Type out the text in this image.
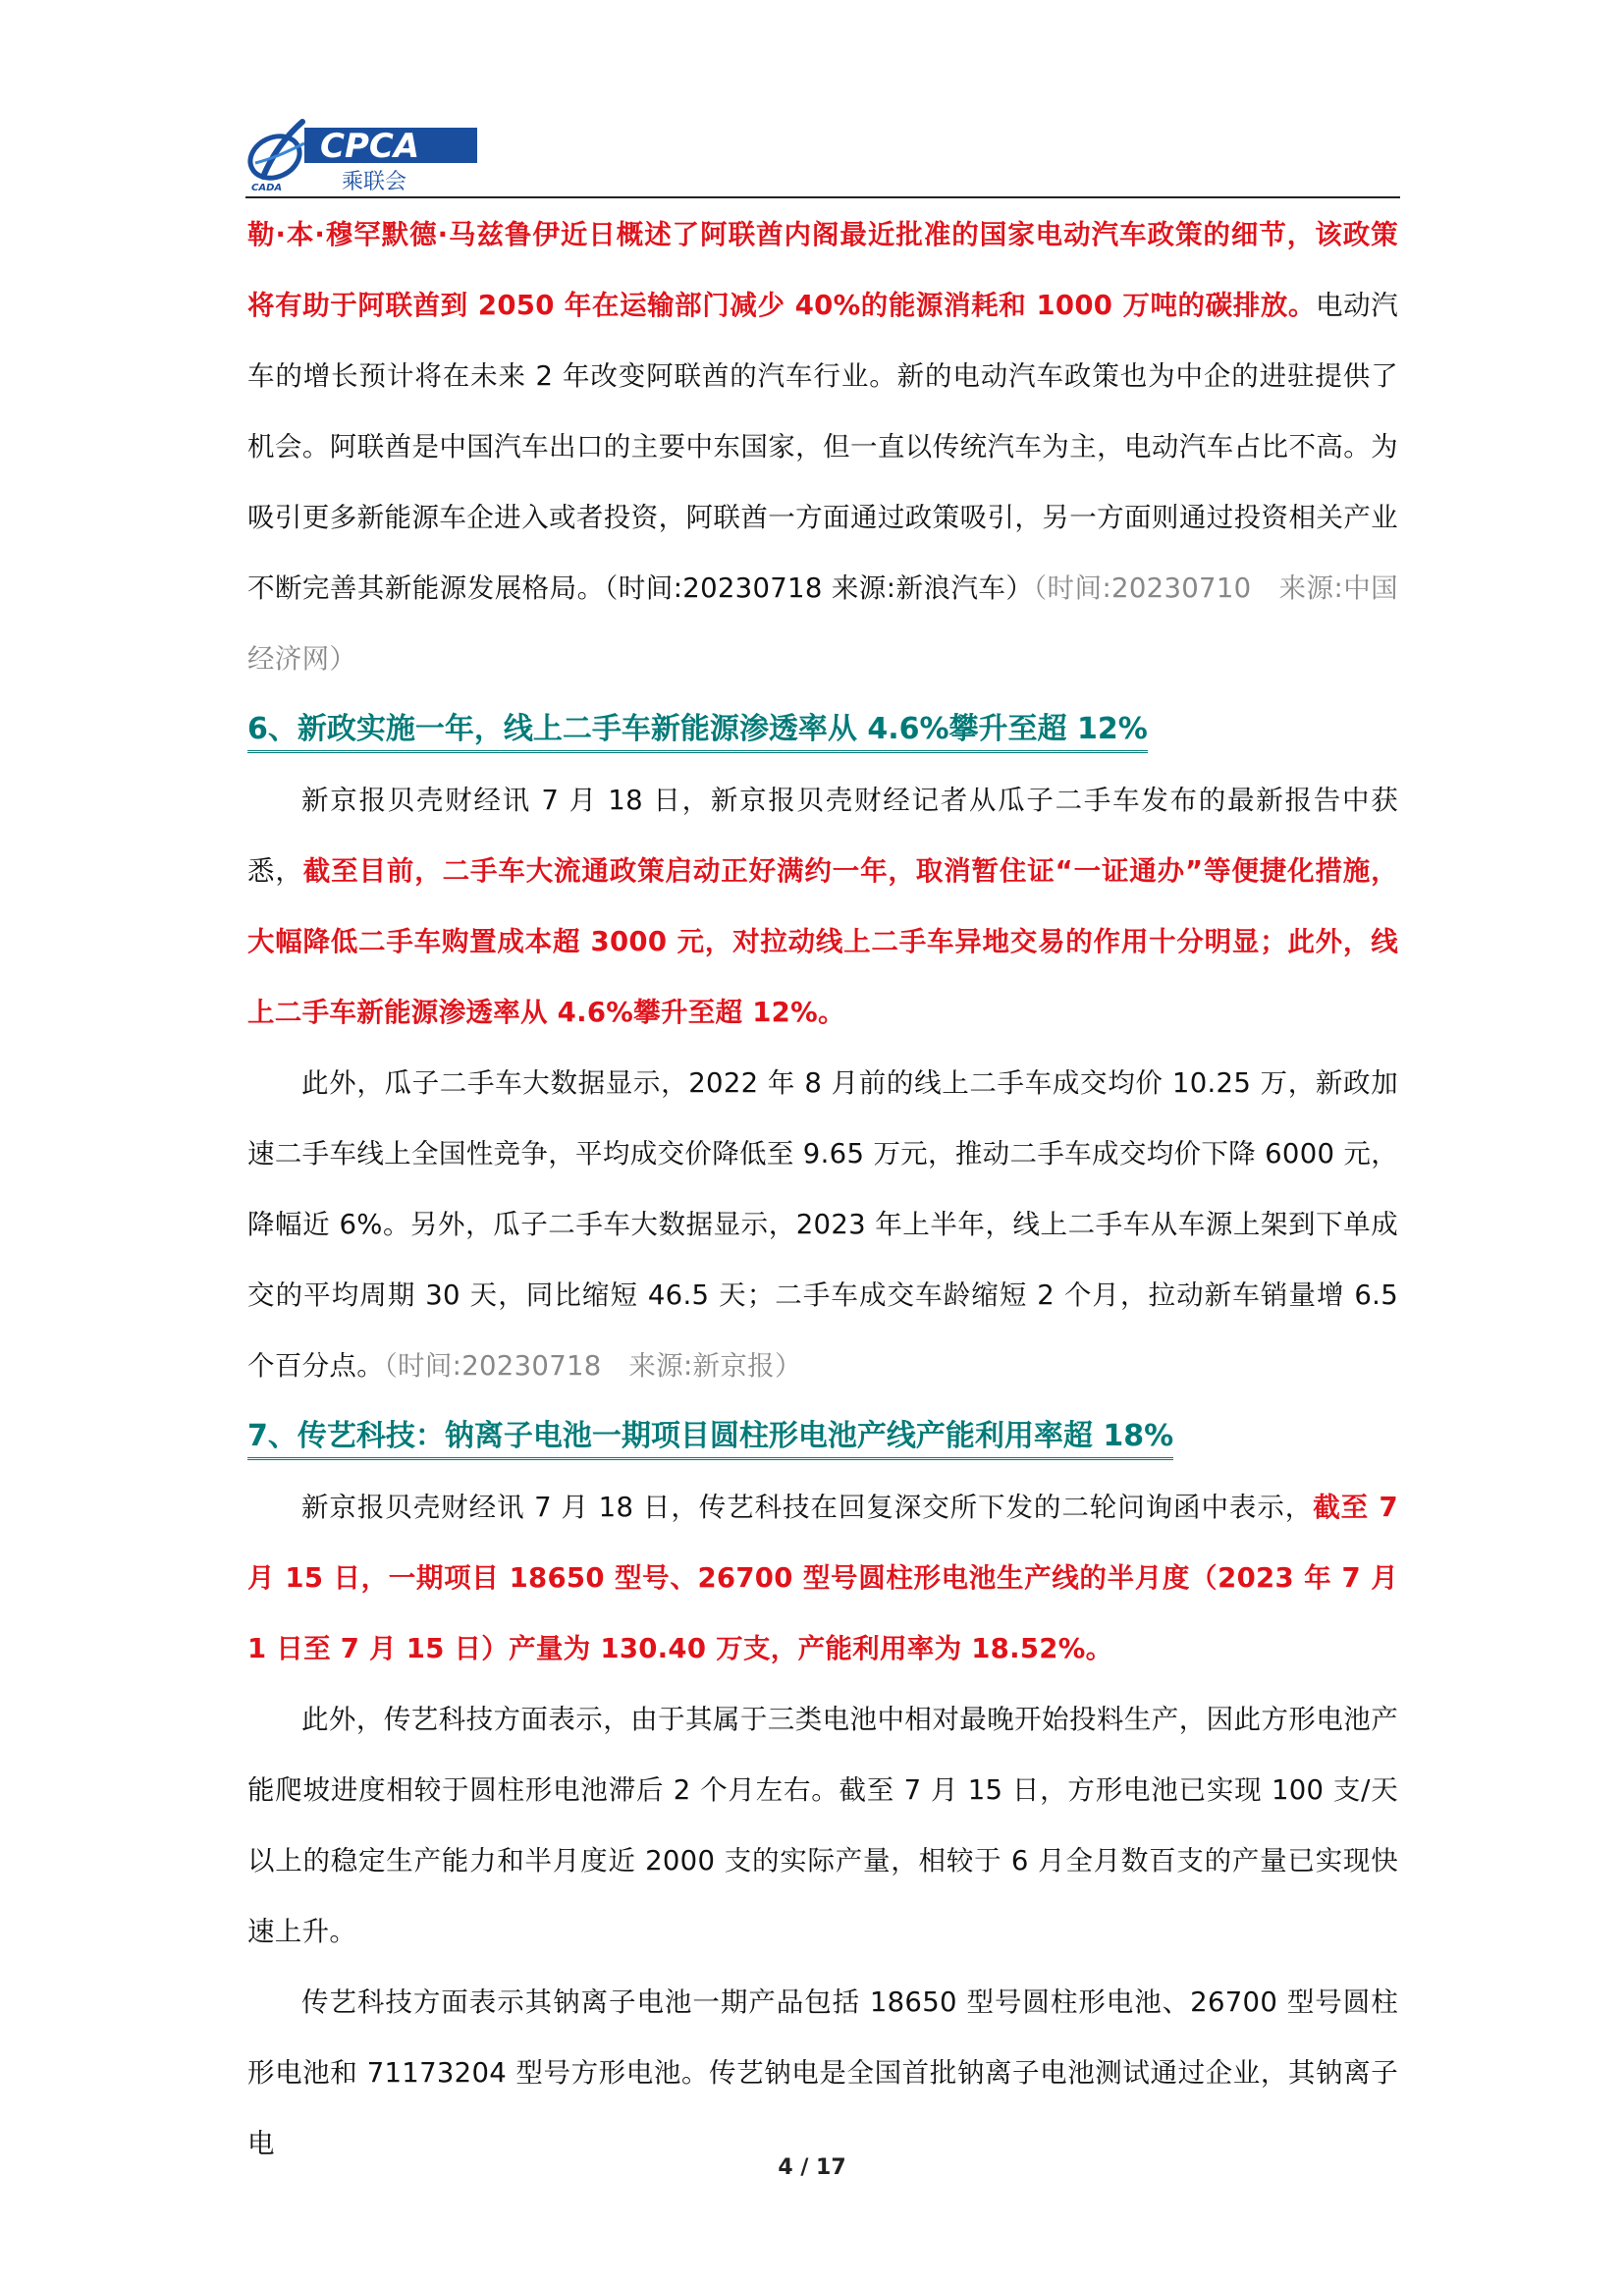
CADA
CPCA
乘联会

勒·本·穆罕默德·马兹鲁伊近日概述了阿联酋内阁最近批准的国家电动汽车政策的细节，该政策将有助于阿联酋到 2050 年在运输部门减少 40%的能源消耗和 1000 万吨的碳排放。电动汽车的增长预计将在未来 2 年改变阿联酋的汽车行业。新的电动汽车政策也为中企的进驻提供了机会。阿联酋是中国汽车出口的主要中东国家，但一直以传统汽车为主，电动汽车占比不高。为吸引更多新能源车企进入或者投资，阿联酋一方面通过政策吸引，另一方面则通过投资相关产业不断完善其新能源发展格局。（时间:20230718 来源:新浪汽车）（时间:20230710　来源:中国经济网）

6、新政实施一年，线上二手车新能源渗透率从 4.6%攀升至超 12%

新京报贝壳财经讯 7 月 18 日，新京报贝壳财经记者从瓜子二手车发布的最新报告中获悉，截至目前，二手车大流通政策启动正好满约一年，取消暂住证“一证通办”等便捷化措施，大幅降低二手车购置成本超 3000 元，对拉动线上二手车异地交易的作用十分明显；此外，线上二手车新能源渗透率从 4.6%攀升至超 12%。

此外，瓜子二手车大数据显示，2022 年 8 月前的线上二手车成交均价 10.25 万，新政加速二手车线上全国性竞争，平均成交价降低至 9.65 万元，推动二手车成交均价下降 6000 元，降幅近 6%。另外，瓜子二手车大数据显示，2023 年上半年，线上二手车从车源上架到下单成交的平均周期 30 天，同比缩短 46.5 天；二手车成交车龄缩短 2 个月，拉动新车销量增 6.5 个百分点。（时间:20230718　来源:新京报）

7、传艺科技：钠离子电池一期项目圆柱形电池产线产能利用率超 18%

新京报贝壳财经讯 7 月 18 日，传艺科技在回复深交所下发的二轮问询函中表示，截至 7 月 15 日，一期项目 18650 型号、26700 型号圆柱形电池生产线的半月度（2023 年 7 月 1 日至 7 月 15 日）产量为 130.40 万支，产能利用率为 18.52%。

此外，传艺科技方面表示，由于其属于三类电池中相对最晚开始投料生产，因此方形电池产能爬坡进度相较于圆柱形电池滞后 2 个月左右。截至 7 月 15 日，方形电池已实现 100 支/天以上的稳定生产能力和半月度近 2000 支的实际产量，相较于 6 月全月数百支的产量已实现快速上升。

传艺科技方面表示其钠离子电池一期产品包括 18650 型号圆柱形电池、26700 型号圆柱形电池和 71173204 型号方形电池。传艺钠电是全国首批钠离子电池测试通过企业，其钠离子电

4 / 17
